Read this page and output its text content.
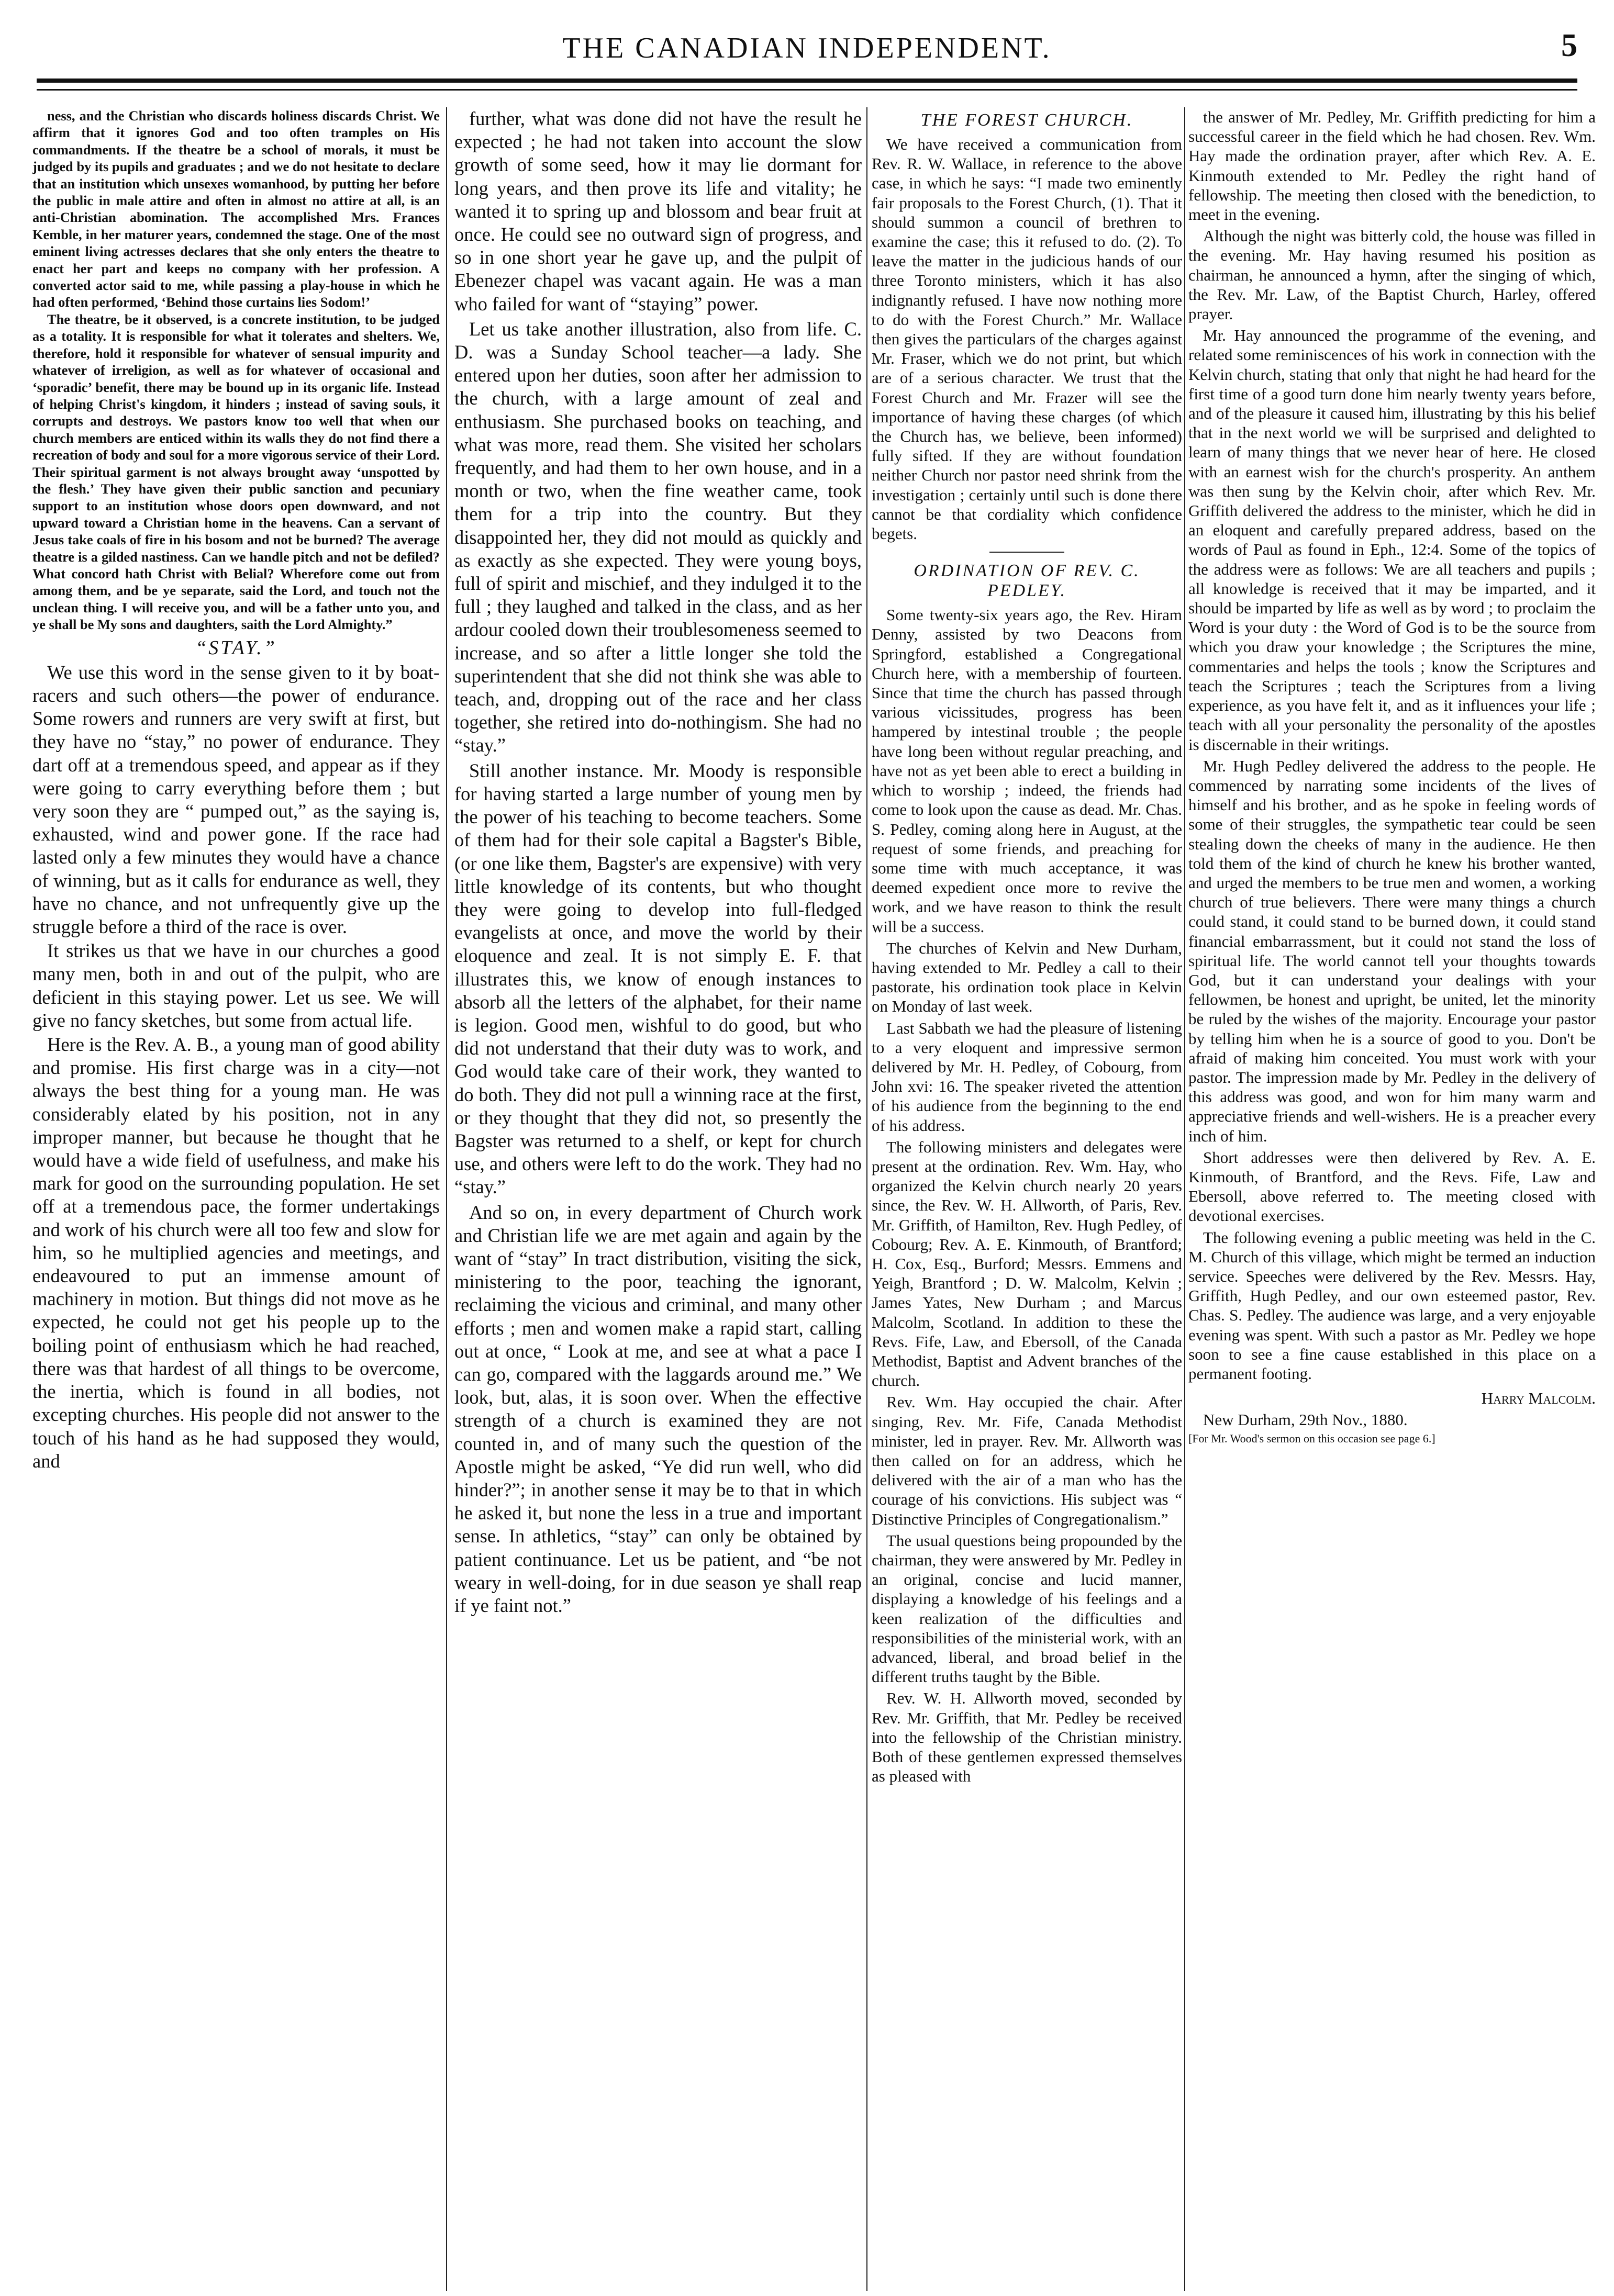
THE CANADIAN INDEPENDENT.	5

ness, and the Christian who discards holiness discards Christ. We affirm that it ignores God and too often tramples on His commandments. If the theatre be a school of morals, it must be judged by its pupils and graduates ; and we do not hesitate to declare that an institution which unsexes womanhood, by putting her before the public in male attire and often in almost no attire at all, is an anti-Christian abomination. The accomplished Mrs. Frances Kemble, in her maturer years, condemned the stage. One of the most eminent living actresses declares that she only enters the theatre to enact her part and keeps no company with her profession. A converted actor said to me, while passing a play-house in which he had often performed, ‘Behind those curtains lies Sodom!’

The theatre, be it observed, is a concrete institution, to be judged as a totality. It is responsible for what it tolerates and shelters. We, therefore, hold it responsible for whatever of sensual impurity and whatever of irreligion, as well as for whatever of occasional and ‘sporadic’ benefit, there may be bound up in its organic life. Instead of helping Christ's kingdom, it hinders ; instead of saving souls, it corrupts and destroys. We pastors know too well that when our church members are enticed within its walls they do not find there a recreation of body and soul for a more vigorous service of their Lord. Their spiritual garment is not always brought away ‘unspotted by the flesh.’ They have given their public sanction and pecuniary support to an institution whose doors open downward, and not upward toward a Christian home in the heavens. Can a servant of Jesus take coals of fire in his bosom and not be burned? The average theatre is a gilded nastiness. Can we handle pitch and not be defiled? What concord hath Christ with Belial? Wherefore come out from among them, and be ye separate, said the Lord, and touch not the unclean thing. I will receive you, and will be a father unto you, and ye shall be My sons and daughters, saith the Lord Almighty.”

“STAY.”

We use this word in the sense given to it by boat-racers and such others—the power of endurance. Some rowers and runners are very swift at first, but they have no “stay,” no power of endurance. They dart off at a tremendous speed, and appear as if they were going to carry everything before them ; but very soon they are “ pumped out,” as the saying is, exhausted, wind and power gone. If the race had lasted only a few minutes they would have a chance of winning, but as it calls for endurance as well, they have no chance, and not unfrequently give up the struggle before a third of the race is over.

It strikes us that we have in our churches a good many men, both in and out of the pulpit, who are deficient in this staying power. Let us see. We will give no fancy sketches, but some from actual life.

Here is the Rev. A. B., a young man of good ability and promise. His first charge was in a city—not always the best thing for a young man. He was considerably elated by his position, not in any improper manner, but because he thought that he would have a wide field of usefulness, and make his mark for good on the surrounding population. He set off at a tremendous pace, the former undertakings and work of his church were all too few and slow for him, so he multiplied agencies and meetings, and endeavoured to put an immense amount of machinery in motion. But things did not move as he expected, he could not get his people up to the boiling point of enthusiasm which he had reached, there was that hardest of all things to be overcome, the inertia, which is found in all bodies, not excepting churches. His people did not answer to the touch of his hand as he had supposed they would, and

further, what was done did not have the result he expected ; he had not taken into account the slow growth of some seed, how it may lie dormant for long years, and then prove its life and vitality; he wanted it to spring up and blossom and bear fruit at once. He could see no outward sign of progress, and so in one short year he gave up, and the pulpit of Ebenezer chapel was vacant again. He was a man who failed for want of “staying” power.

Let us take another illustration, also from life. C. D. was a Sunday School teacher—a lady. She entered upon her duties, soon after her admission to the church, with a large amount of zeal and enthusiasm. She purchased books on teaching, and what was more, read them. She visited her scholars frequently, and had them to her own house, and in a month or two, when the fine weather came, took them for a trip into the country. But they disappointed her, they did not mould as quickly and as exactly as she expected. They were young boys, full of spirit and mischief, and they indulged it to the full ; they laughed and talked in the class, and as her ardour cooled down their troublesomeness seemed to increase, and so after a little longer she told the superintendent that she did not think she was able to teach, and, dropping out of the race and her class together, she retired into do-nothingism. She had no “stay.”

Still another instance. Mr. Moody is responsible for having started a large number of young men by the power of his teaching to become teachers. Some of them had for their sole capital a Bagster's Bible, (or one like them, Bagster's are expensive) with very little knowledge of its contents, but who thought they were going to develop into full-fledged evangelists at once, and move the world by their eloquence and zeal. It is not simply E. F. that illustrates this, we know of enough instances to absorb all the letters of the alphabet, for their name is legion. Good men, wishful to do good, but who did not understand that their duty was to work, and God would take care of their work, they wanted to do both. They did not pull a winning race at the first, or they thought that they did not, so presently the Bagster was returned to a shelf, or kept for church use, and others were left to do the work. They had no “stay.”

And so on, in every department of Church work and Christian life we are met again and again by the want of “stay” In tract distribution, visiting the sick, ministering to the poor, teaching the ignorant, reclaiming the vicious and criminal, and many other efforts ; men and women make a rapid start, calling out at once, “ Look at me, and see at what a pace I can go, compared with the laggards around me.” We look, but, alas, it is soon over. When the effective strength of a church is examined they are not counted in, and of many such the question of the Apostle might be asked, “Ye did run well, who did hinder?”; in another sense it may be to that in which he asked it, but none the less in a true and important sense. In athletics, “stay” can only be obtained by patient continuance. Let us be patient, and “be not weary in well-doing, for in due season ye shall reap if ye faint not.”

THE FOREST CHURCH.

We have received a communication from Rev. R. W. Wallace, in reference to the above case, in which he says: “I made two eminently fair proposals to the Forest Church, (1). That it should summon a council of brethren to examine the case; this it refused to do. (2). To leave the matter in the judicious hands of our three Toronto ministers, which it has also indignantly refused. I have now nothing more to do with the Forest Church.” Mr. Wallace then gives the particulars of the charges against Mr. Fraser, which we do not print, but which are of a serious character. We trust that the Forest Church and Mr. Frazer will see the importance of having these charges (of which the Church has, we believe, been informed) fully sifted. If they are without foundation neither Church nor pastor need shrink from the investigation ; certainly until such is done there cannot be that cordiality which confidence begets.

ORDINATION OF REV. C. PEDLEY.

Some twenty-six years ago, the Rev. Hiram Denny, assisted by two Deacons from Springford, established a Congregational Church here, with a membership of fourteen. Since that time the church has passed through various vicissitudes, progress has been hampered by intestinal trouble ; the people have long been without regular preaching, and have not as yet been able to erect a building in which to worship ; indeed, the friends had come to look upon the cause as dead. Mr. Chas. S. Pedley, coming along here in August, at the request of some friends, and preaching for some time with much acceptance, it was deemed expedient once more to revive the work, and we have reason to think the result will be a success.

The churches of Kelvin and New Durham, having extended to Mr. Pedley a call to their pastorate, his ordination took place in Kelvin on Monday of last week.

Last Sabbath we had the pleasure of listening to a very eloquent and impressive sermon delivered by Mr. H. Pedley, of Cobourg, from John xvi: 16. The speaker riveted the attention of his audience from the beginning to the end of his address.

The following ministers and delegates were present at the ordination. Rev. Wm. Hay, who organized the Kelvin church nearly 20 years since, the Rev. W. H. Allworth, of Paris, Rev. Mr. Griffith, of Hamilton, Rev. Hugh Pedley, of Cobourg; Rev. A. E. Kinmouth, of Brantford; H. Cox, Esq., Burford; Messrs. Emmens and Yeigh, Brantford ; D. W. Malcolm, Kelvin ; James Yates, New Durham ; and Marcus Malcolm, Scotland. In addition to these the Revs. Fife, Law, and Ebersoll, of the Canada Methodist, Baptist and Advent branches of the church.

Rev. Wm. Hay occupied the chair. After singing, Rev. Mr. Fife, Canada Methodist minister, led in prayer. Rev. Mr. Allworth was then called on for an address, which he delivered with the air of a man who has the courage of his convictions. His subject was “ Distinctive Principles of Congregationalism.”

The usual questions being propounded by the chairman, they were answered by Mr. Pedley in an original, concise and lucid manner, displaying a knowledge of his feelings and a keen realization of the difficulties and responsibilities of the ministerial work, with an advanced, liberal, and broad belief in the different truths taught by the Bible.

Rev. W. H. Allworth moved, seconded by Rev. Mr. Griffith, that Mr. Pedley be received into the fellowship of the Christian ministry. Both of these gentlemen expressed themselves as pleased with

the answer of Mr. Pedley, Mr. Griffith predicting for him a successful career in the field which he had chosen. Rev. Wm. Hay made the ordination prayer, after which Rev. A. E. Kinmouth extended to Mr. Pedley the right hand of fellowship. The meeting then closed with the benediction, to meet in the evening.

Although the night was bitterly cold, the house was filled in the evening. Mr. Hay having resumed his position as chairman, he announced a hymn, after the singing of which, the Rev. Mr. Law, of the Baptist Church, Harley, offered prayer.

Mr. Hay announced the programme of the evening, and related some reminiscences of his work in connection with the Kelvin church, stating that only that night he had heard for the first time of a good turn done him nearly twenty years before, and of the pleasure it caused him, illustrating by this his belief that in the next world we will be surprised and delighted to learn of many things that we never hear of here. He closed with an earnest wish for the church's prosperity. An anthem was then sung by the Kelvin choir, after which Rev. Mr. Griffith delivered the address to the minister, which he did in an eloquent and carefully prepared address, based on the words of Paul as found in Eph., 12:4. Some of the topics of the address were as follows: We are all teachers and pupils ; all knowledge is received that it may be imparted, and it should be imparted by life as well as by word ; to proclaim the Word is your duty : the Word of God is to be the source from which you draw your knowledge ; the Scriptures the mine, commentaries and helps the tools ; know the Scriptures and teach the Scriptures ; teach the Scriptures from a living experience, as you have felt it, and as it influences your life ; teach with all your personality the personality of the apostles is discernable in their writings.

Mr. Hugh Pedley delivered the address to the people. He commenced by narrating some incidents of the lives of himself and his brother, and as he spoke in feeling words of some of their struggles, the sympathetic tear could be seen stealing down the cheeks of many in the audience. He then told them of the kind of church he knew his brother wanted, and urged the members to be true men and women, a working church of true believers. There were many things a church could stand, it could stand to be burned down, it could stand financial embarrassment, but it could not stand the loss of spiritual life. The world cannot tell your thoughts towards God, but it can understand your dealings with your fellowmen, be honest and upright, be united, let the minority be ruled by the wishes of the majority. Encourage your pastor by telling him when he is a source of good to you. Don't be afraid of making him conceited. You must work with your pastor. The impression made by Mr. Pedley in the delivery of this address was good, and won for him many warm and appreciative friends and well-wishers. He is a preacher every inch of him.

Short addresses were then delivered by Rev. A. E. Kinmouth, of Brantford, and the Revs. Fife, Law and Ebersoll, above referred to. The meeting closed with devotional exercises.

The following evening a public meeting was held in the C. M. Church of this village, which might be termed an induction service. Speeches were delivered by the Rev. Messrs. Hay, Griffith, Hugh Pedley, and our own esteemed pastor, Rev. Chas. S. Pedley. The audience was large, and a very enjoyable evening was spent. With such a pastor as Mr. Pedley we hope soon to see a fine cause established in this place on a permanent footing.

Harry Malcolm.

New Durham, 29th Nov., 1880.

[For Mr. Wood's sermon on this occasion see page 6.]
